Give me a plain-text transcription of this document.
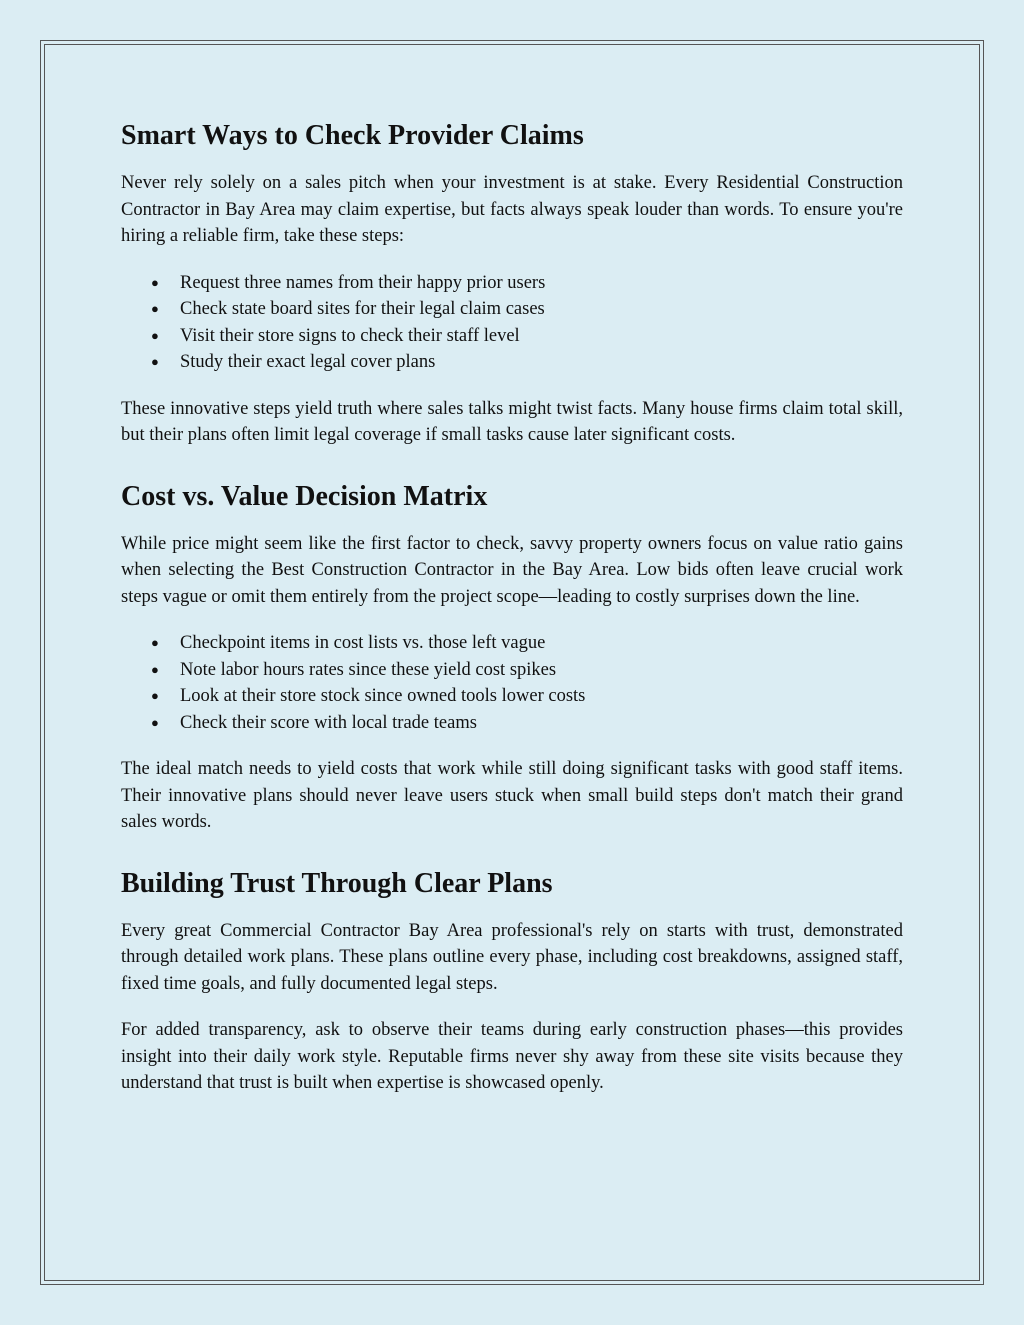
Smart Ways to Check Provider Claims

Never rely solely on a sales pitch when your investment is at stake. Every Residential Construction Contractor in Bay Area may claim expertise, but facts always speak louder than words. To ensure you're hiring a reliable firm, take these steps:

● Request three names from their happy prior users
● Check state board sites for their legal claim cases
● Visit their store signs to check their staff level
● Study their exact legal cover plans

These innovative steps yield truth where sales talks might twist facts. Many house firms claim total skill, but their plans often limit legal coverage if small tasks cause later significant costs.

Cost vs. Value Decision Matrix

While price might seem like the first factor to check, savvy property owners focus on value ratio gains when selecting the Best Construction Contractor in the Bay Area. Low bids often leave crucial work steps vague or omit them entirely from the project scope—leading to costly surprises down the line.

● Checkpoint items in cost lists vs. those left vague
● Note labor hours rates since these yield cost spikes
● Look at their store stock since owned tools lower costs
● Check their score with local trade teams

The ideal match needs to yield costs that work while still doing significant tasks with good staff items. Their innovative plans should never leave users stuck when small build steps don't match their grand sales words.

Building Trust Through Clear Plans

Every great Commercial Contractor Bay Area professional's rely on starts with trust, demonstrated through detailed work plans. These plans outline every phase, including cost breakdowns, assigned staff, fixed time goals, and fully documented legal steps.

For added transparency, ask to observe their teams during early construction phases—this provides insight into their daily work style. Reputable firms never shy away from these site visits because they understand that trust is built when expertise is showcased openly.
